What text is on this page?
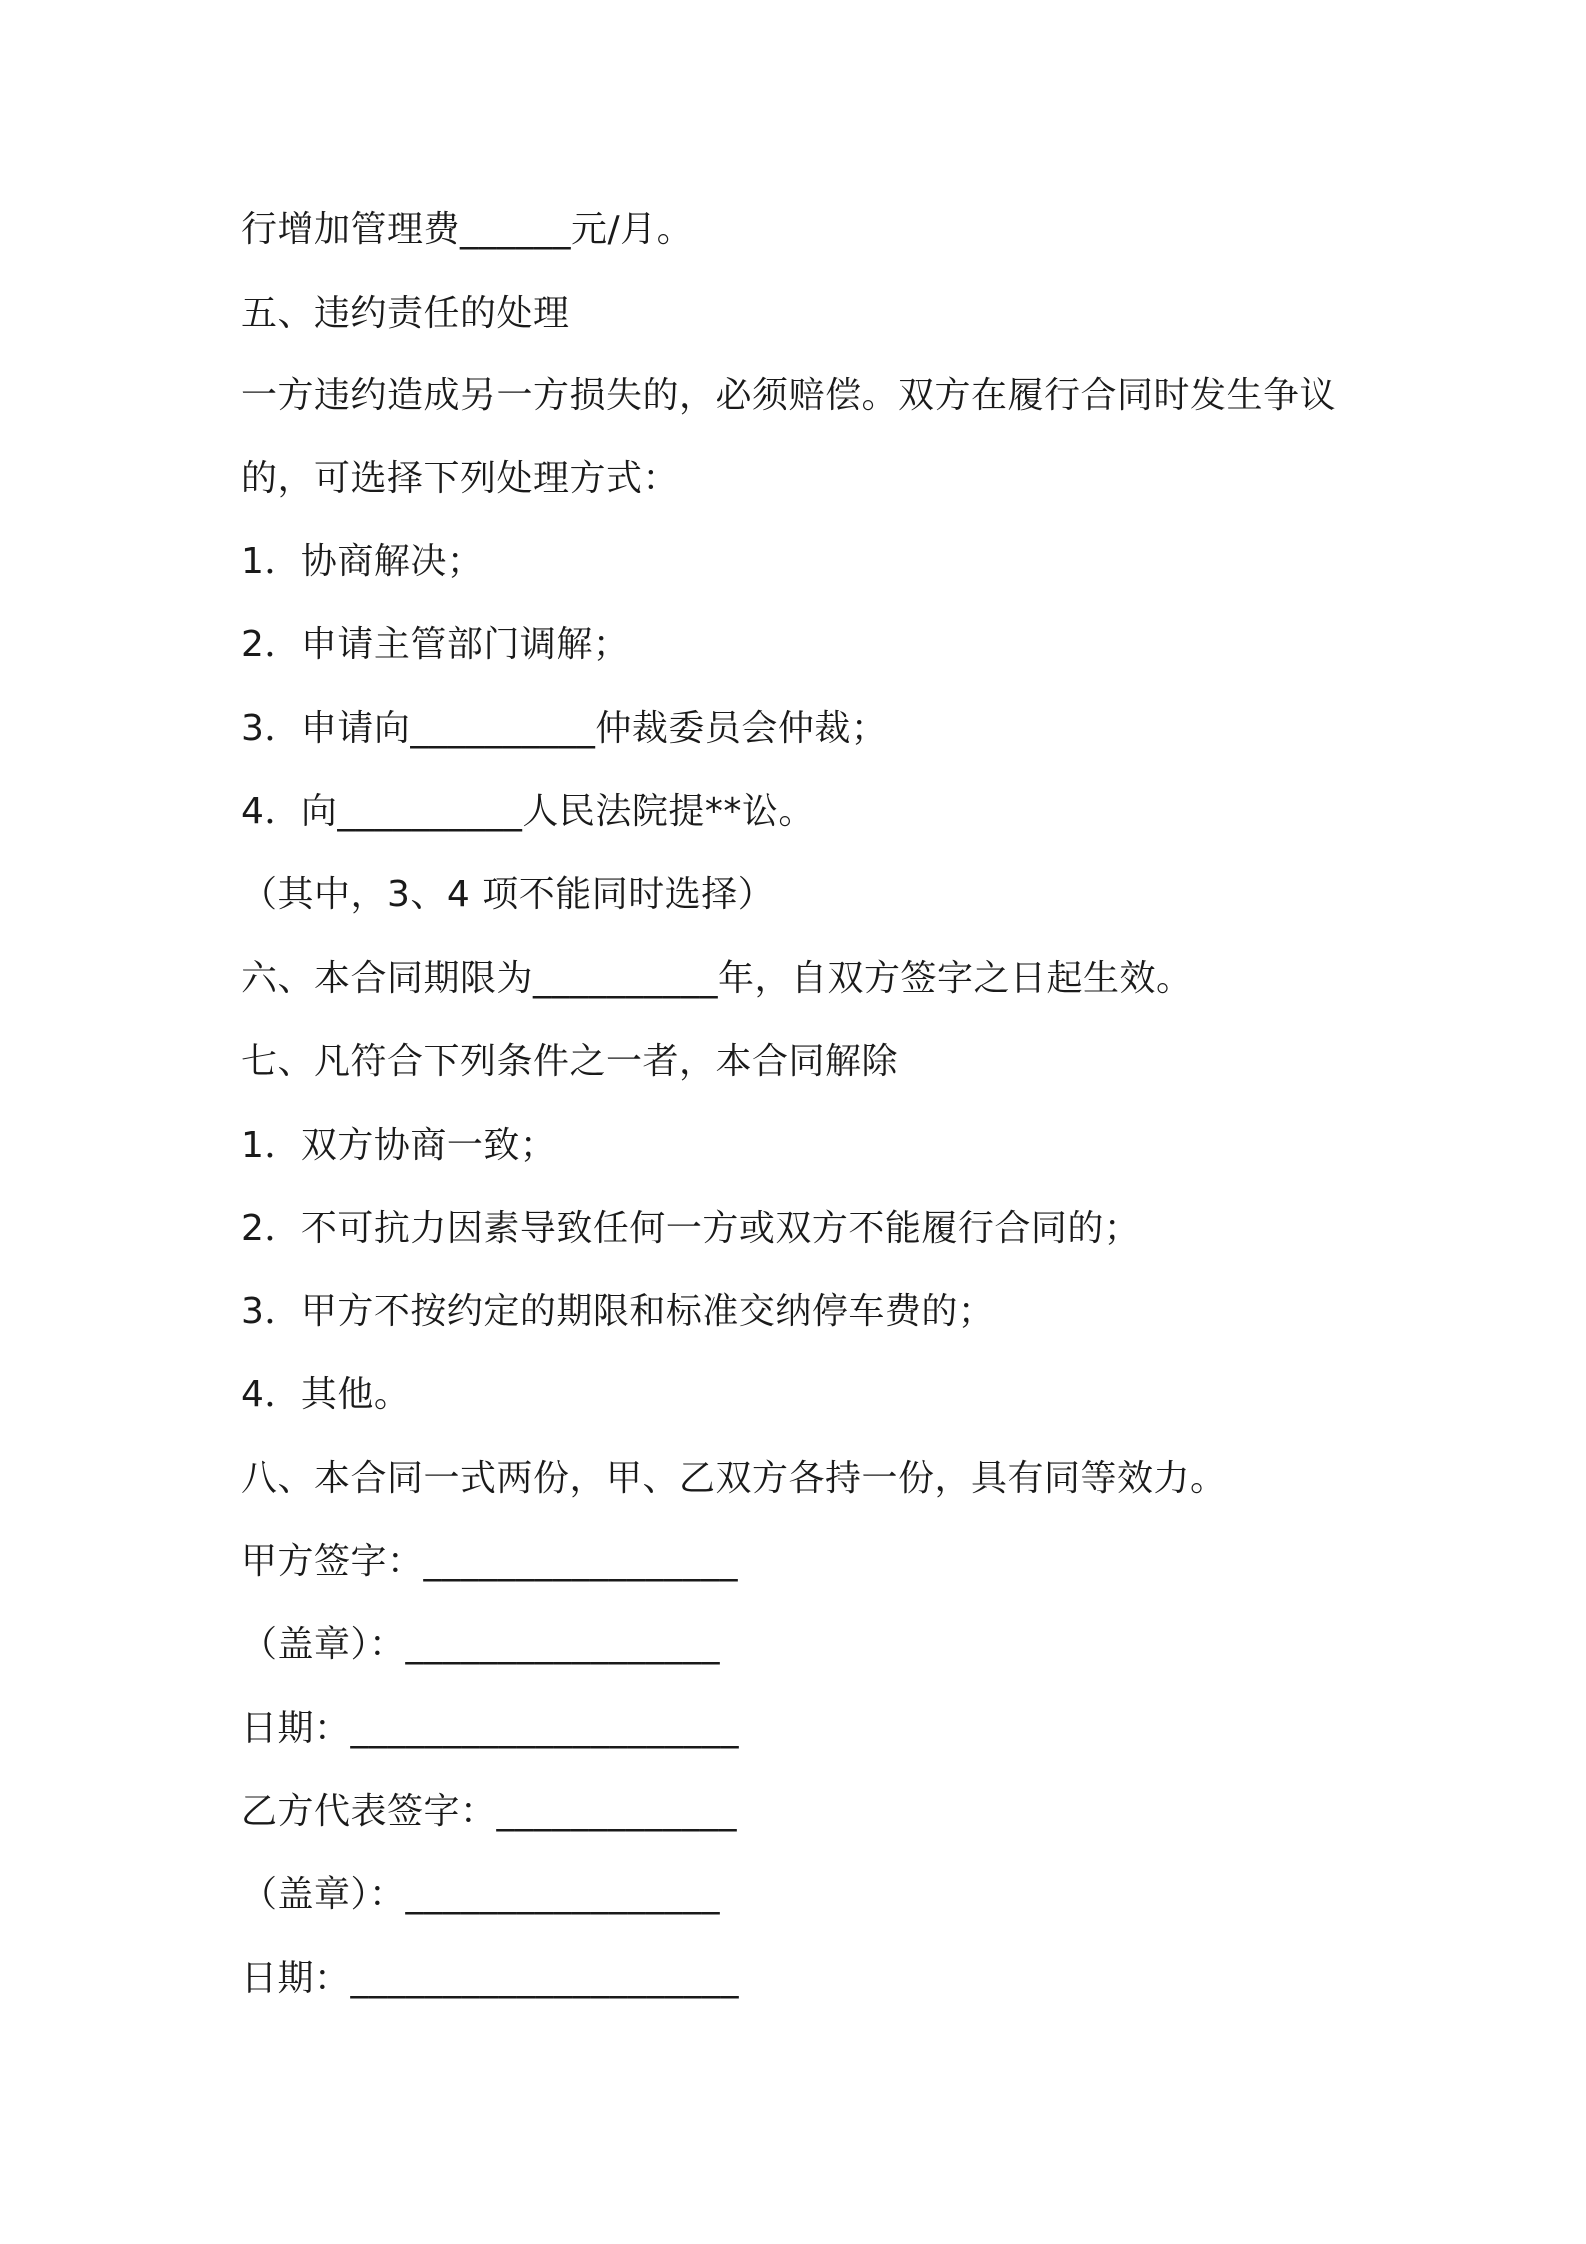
行增加管理费______元/月。
五、违约责任的处理
一方违约造成另一方损失的，必须赔偿。双方在履行合同时发生争议
的，可选择下列处理方式：
1．协商解决；
2．申请主管部门调解；
3．申请向__________仲裁委员会仲裁；
4．向__________人民法院提**讼。
（其中，3、4 项不能同时选择）
六、本合同期限为__________年，自双方签字之日起生效。
七、凡符合下列条件之一者，本合同解除
1．双方协商一致；
2．不可抗力因素导致任何一方或双方不能履行合同的；
3．甲方不按约定的期限和标准交纳停车费的；
4．其他。
八、本合同一式两份，甲、乙双方各持一份，具有同等效力。
甲方签字：_________________
（盖章）：_________________
日期：_____________________
乙方代表签字：_____________
（盖章）：_________________
日期：_____________________
